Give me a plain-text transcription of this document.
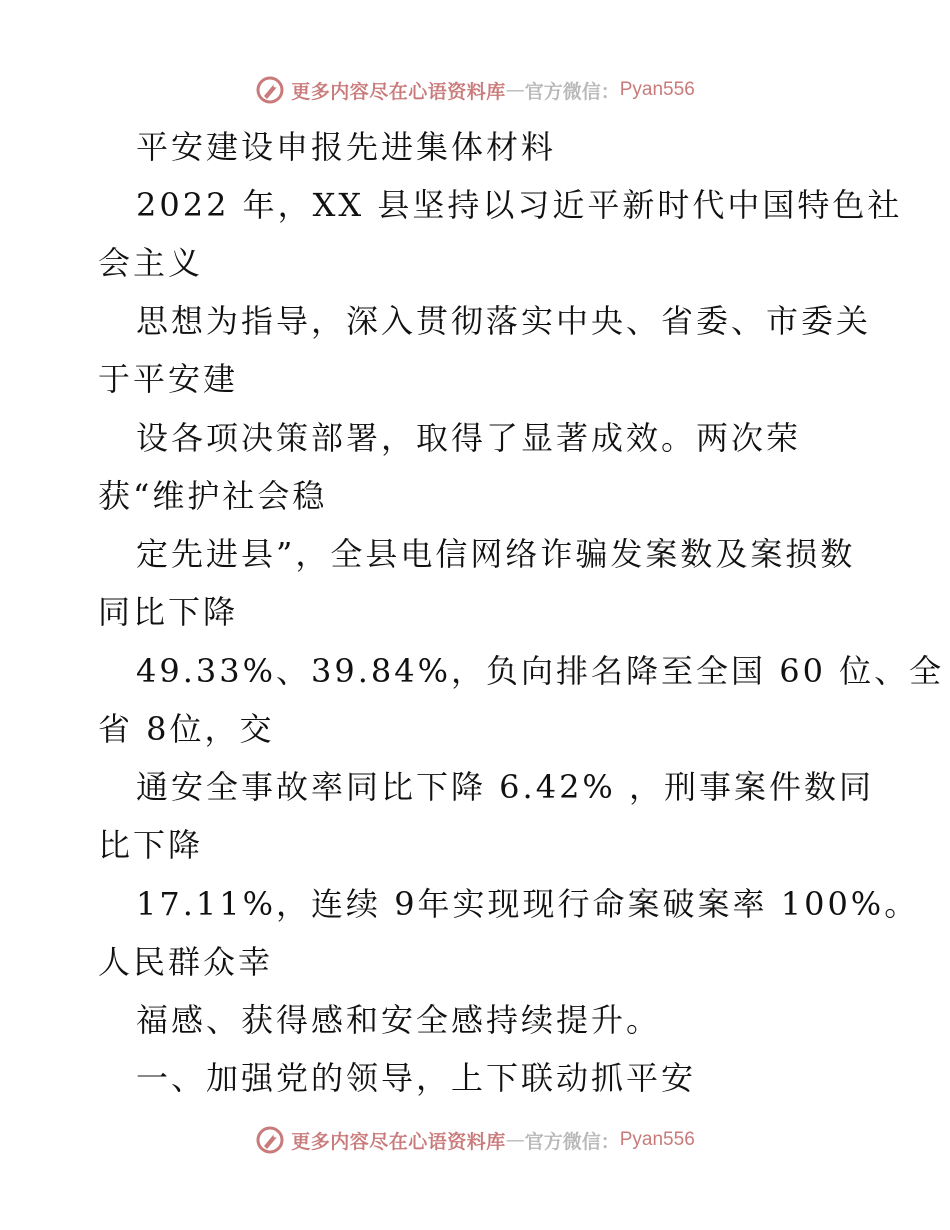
更多内容尽在心语资料库 — 官方微信： Pyan556
平安建设申报先进集体材料
2022 年，XX 县坚持以习近平新时代中国特色社
会主义
思想为指导，深入贯彻落实中央、省委、市委关
于平安建
设各项决策部署，取得了显著成效。两次荣
获“维护社会稳
定先进县”，全县电信网络诈骗发案数及案损数
同比下降
49.33%、39.84%，负向排名降至全国 60 位、全
省 8位，交
通安全事故率同比下降 6.42% ，刑事案件数同
比下降
17.11%，连续 9年实现现行命案破案率 100%。
人民群众幸
福感、获得感和安全感持续提升。
一、加强党的领导，上下联动抓平安
更多内容尽在心语资料库 — 官方微信： Pyan556
